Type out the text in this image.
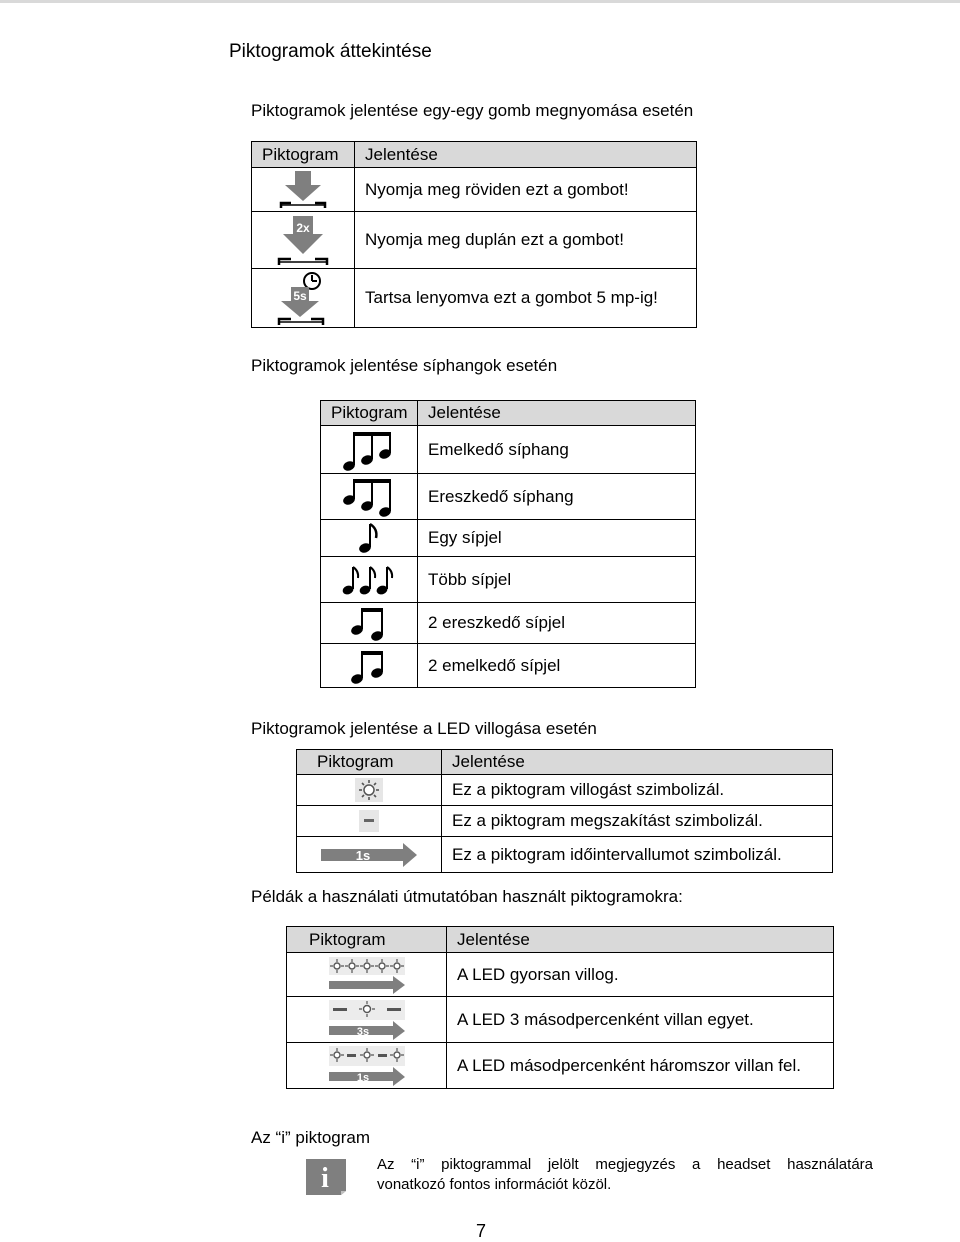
Piktogramok áttekintése
Piktogramok jelentése egy-egy gomb megnyomása esetén
Piktogram	Jelentése

	Nyomja meg röviden ezt a gombot!

2x	Nyomja meg duplán ezt a gombot!

5s	Tartsa lenyomva ezt a gombot 5 mp-ig!
Piktogramok jelentése síphangok esetén
Piktogram	Jelentése

	Emelkedő síphang

	Ereszkedő síphang

	Egy sípjel

	Több sípjel

	2 ereszkedő sípjel

	2 emelkedő sípjel
Piktogramok jelentése a LED villogása esetén
Piktogram	Jelentése

	Ez a piktogram villogást szimbolizál.

	Ez a piktogram megszakítást szimbolizál.

1s	Ez a piktogram időintervallumot szimbolizál.
Példák a használati útmutatóban használt piktogramokra:
Piktogram	Jelentése

	A LED gyorsan villog.

3s	A LED 3 másodpercenként villan egyet.

1s	A LED másodpercenként háromszor villan fel.
Az “i” piktogram
i	Az “i” piktogrammal jelölt megjegyzés a headset használatára
vonatkozó fontos információt közöl.
7
